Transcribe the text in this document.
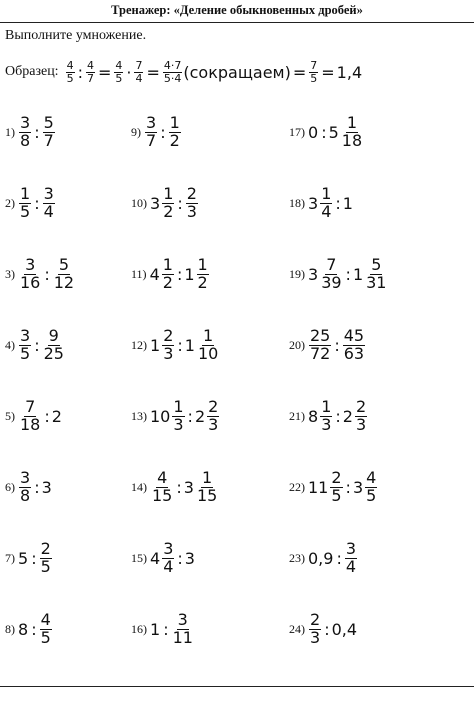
Тренажер: «Деление обыкновенных дробей»
Выполните умножение.
Образец: $\frac{4}{5}$ : $\frac{4}{7} = \frac{4}{5} \cdot \frac{7}{4} = \frac{4\cdot 7}{5\cdot 4}$ (сокращаем) = $\frac{7}{5} = 1,4$
$1) \frac{3}{8}$ : $\frac{5}{7}$
$2) \frac{1}{5}$ : $\frac{3}{4}$
$3) \frac{3}{16}$ : $\frac{5}{12}$
$4) \frac{3}{5}$ : $\frac{9}{25}$
$5) \frac{7}{18}$ : 2
$6) \frac{3}{8}$ : 3
7) 5 : $\frac{2}{5}$
8) 8 : $\frac{4}{5}$
$9) \frac{3}{7}$ : $\frac{1}{2}$
10) $3 \frac{1}{2}$ : $\frac{2}{3}$
11) $4 \frac{1}{2}$ : $1 \frac{1}{2}$
12) $1 \frac{2}{3}$ : $1 \frac{1}{10}$
13) $10 \frac{1}{3}$ : $2 \frac{2}{3}$
$14) \frac{4}{15}$ : $3 \frac{1}{15}$
15) $4 \frac{3}{4}$ : 3
16) 1 : $\frac{3}{11}$
17) 0 : $5 \frac{1}{18}$
18) $3 \frac{1}{4}$ : 1
19) $3 \frac{7}{39}$ : $1 \frac{5}{31}$
$20) \frac{25}{72}$ : $\frac{45}{63}$
21) $8 \frac{1}{3}$ : $2 \frac{2}{3}$
22) $11 \frac{2}{5}$ : $3 \frac{4}{5}$
23) 0,9 : $\frac{3}{4}$
$24) \frac{2}{3}$ : 0,4
